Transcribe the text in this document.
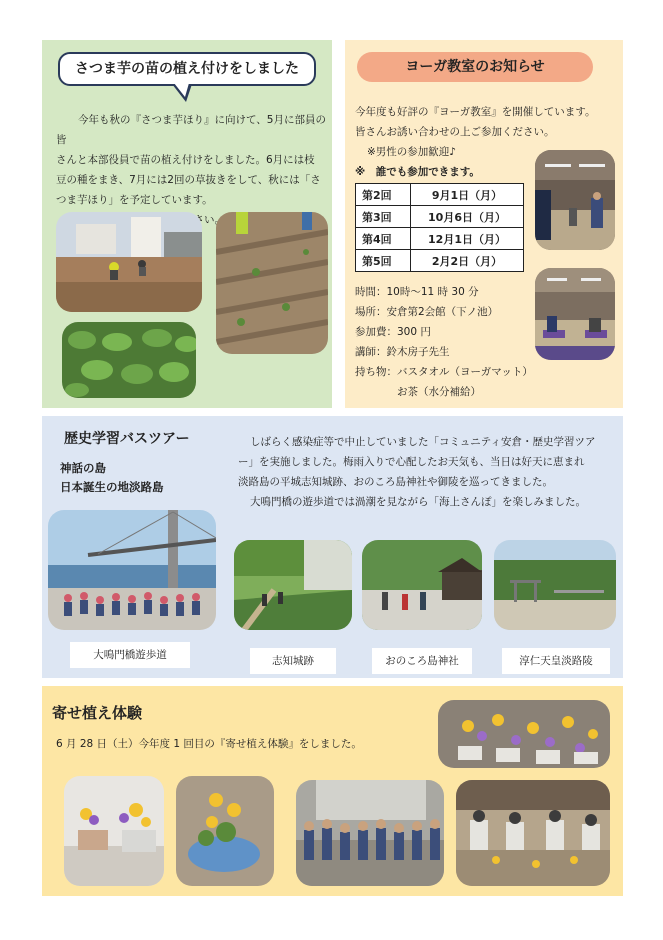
さつま芋の苗の植え付けをしました
今年も秋の『さつま芋ほり』に向けて、5月に部員の皆
さんと本部役員で苗の植え付けをしました。6月には枝
豆の種をまき、7月には2回の草抜きをして、秋には「さ
つま芋ほり」を予定しています。
ヨーガ教室のお知らせ
今年度も好評の『ヨーガ教室』を開催しています。
皆さんお誘い合わせの上ご参加ください。
※男性の参加歓迎♪
※　誰でも参加できます。
第2回	9月1日（月）
第3回	10月6日（月）
第4回	12月1日（月）
第5回	2月2日（月）
時間：10時～11 時 30 分
場所：安倉第2会館（下ノ池）
参加費：300 円
講師：鈴木房子先生
持ち物：バスタオル（ヨーガマット）
お茶（水分補給）
歴史学習バスツアー
神話の島
日本誕生の地淡路島
しばらく感染症等で中止していました「コミュニティ安倉・歴史学習ツア
ー」を実施しました。梅雨入りで心配したお天気も、当日は好天に恵まれ
淡路島の平城志知城跡、おのころ島神社や御陵を巡ってきました。
大鳴門橋の遊歩道では渦潮を見ながら「海上さんぽ」を楽しみました。
大鳴門橋遊歩道	志知城跡	おのころ島神社	淳仁天皇淡路陵
寄せ植え体験
6 月 28 日（土）今年度 1 回目の『寄せ植え体験』をしました。
